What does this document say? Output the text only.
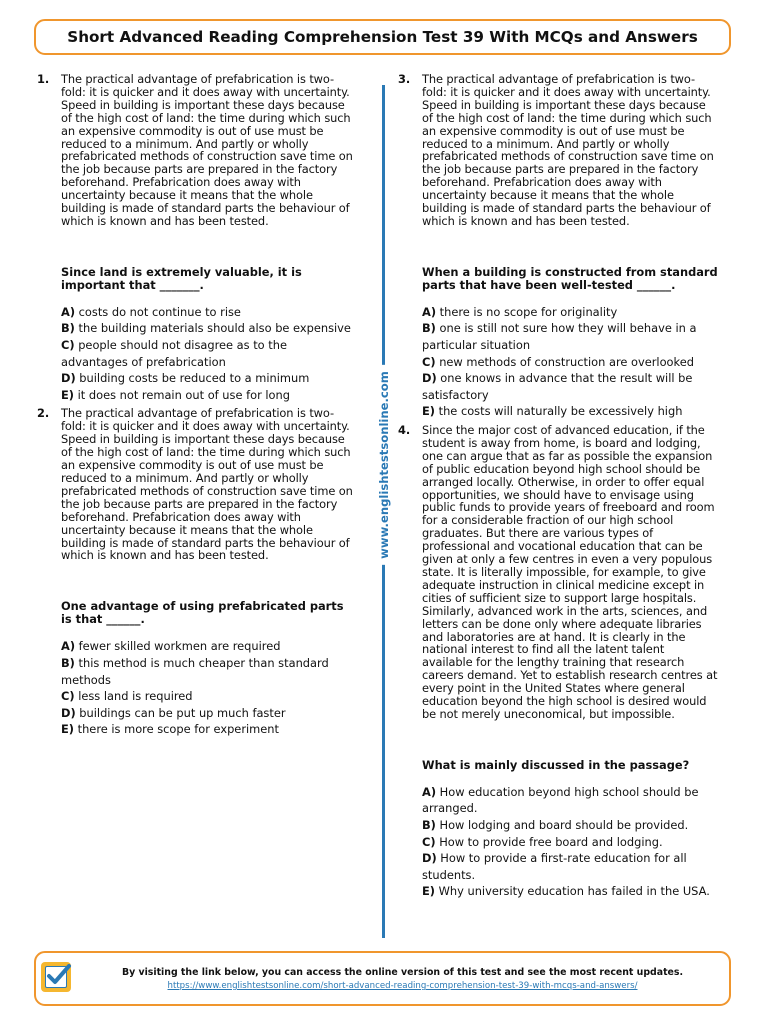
Short Advanced Reading Comprehension Test 39 With MCQs and Answers
1. The practical advantage of prefabrication is two-fold: it is quicker and it does away with uncertainty. Speed in building is important these days because of the high cost of land: the time during which such an expensive commodity is out of use must be reduced to a minimum. And partly or wholly prefabricated methods of construction save time on the job because parts are prepared in the factory beforehand. Prefabrication does away with uncertainty because it means that the whole building is made of standard parts the behaviour of which is known and has been tested.

Since land is extremely valuable, it is important that _______.

A) costs do not continue to rise
B) the building materials should also be expensive
C) people should not disagree as to the advantages of prefabrication
D) building costs be reduced to a minimum
E) it does not remain out of use for long
2. The practical advantage of prefabrication is two-fold: it is quicker and it does away with uncertainty. Speed in building is important these days because of the high cost of land: the time during which such an expensive commodity is out of use must be reduced to a minimum. And partly or wholly prefabricated methods of construction save time on the job because parts are prepared in the factory beforehand. Prefabrication does away with uncertainty because it means that the whole building is made of standard parts the behaviour of which is known and has been tested.

One advantage of using prefabricated parts is that ______.

A) fewer skilled workmen are required
B) this method is much cheaper than standard methods
C) less land is required
D) buildings can be put up much faster
E) there is more scope for experiment
www.englishtestsonline.com
3. The practical advantage of prefabrication is two-fold: it is quicker and it does away with uncertainty. Speed in building is important these days because of the high cost of land: the time during which such an expensive commodity is out of use must be reduced to a minimum. And partly or wholly prefabricated methods of construction save time on the job because parts are prepared in the factory beforehand. Prefabrication does away with uncertainty because it means that the whole building is made of standard parts the behaviour of which is known and has been tested.

When a building is constructed from standard parts that have been well-tested ______.

A) there is no scope for originality
B) one is still not sure how they will behave in a particular situation
C) new methods of construction are overlooked
D) one knows in advance that the result will be satisfactory
E) the costs will naturally be excessively high
4. Since the major cost of advanced education, if the student is away from home, is board and lodging, one can argue that as far as possible the expansion of public education beyond high school should be arranged locally. Otherwise, in order to offer equal opportunities, we should have to envisage using public funds to provide years of freeboard and room for a considerable fraction of our high school graduates. But there are various types of professional and vocational education that can be given at only a few centres in even a very populous state. It is literally impossible, for example, to give adequate instruction in clinical medicine except in cities of sufficient size to support large hospitals. Similarly, advanced work in the arts, sciences, and letters can be done only where adequate libraries and laboratories are at hand. It is clearly in the national interest to find all the latent talent available for the lengthy training that research careers demand. Yet to establish research centres at every point in the United States where general education beyond the high school is desired would be not merely uneconomical, but impossible.

What is mainly discussed in the passage?

A) How education beyond high school should be arranged.
B) How lodging and board should be provided.
C) How to provide free board and lodging.
D) How to provide a first-rate education for all students.
E) Why university education has failed in the USA.
By visiting the link below, you can access the online version of this test and see the most recent updates.
https://www.englishtestsonline.com/short-advanced-reading-comprehension-test-39-with-mcqs-and-answers/
